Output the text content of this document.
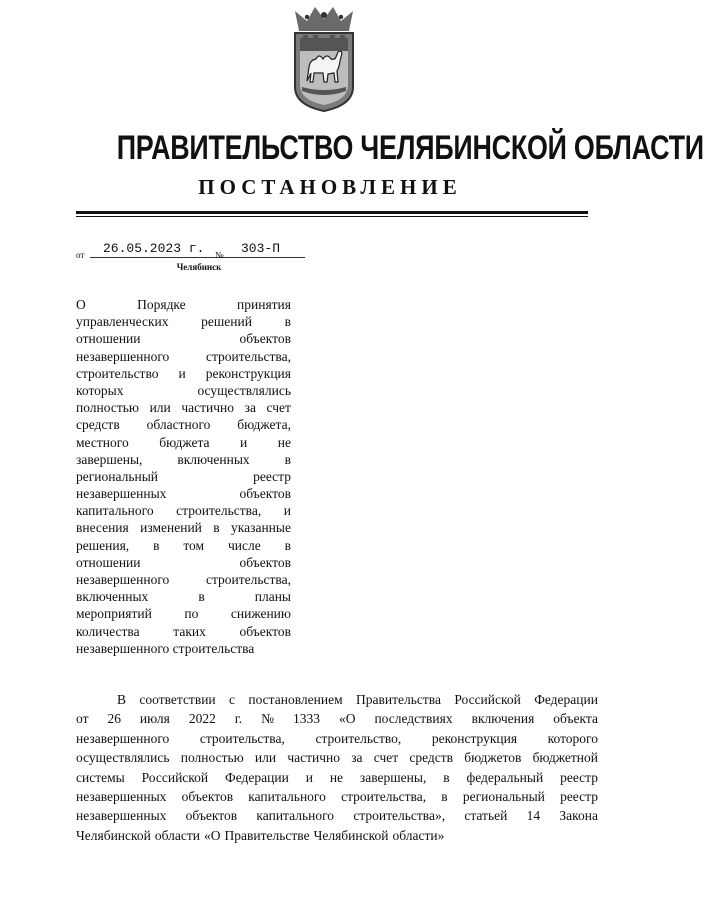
ПРАВИТЕЛЬСТВО ЧЕЛЯБИНСКОЙ ОБЛАСТИ
ПОСТАНОВЛЕНИЕ
от 26.05.2023 г. № 303-П
Челябинск
О	Порядке	принятия
управленческих решений в
отношении	объектов
незавершенного	строительства,
строительство и реконструкция
которых	осуществлялись
полностью или частично за счет
средств областного бюджета,
местного бюджета и не
завершены,	включенных	в
региональный	реестр
незавершенных	объектов
капитального строительства, и
внесения изменений в указанные
решения, в том числе в
отношении	объектов
незавершенного	строительства,
включенных	в	планы
мероприятий по снижению
количества таких объектов
незавершенного строительства
В соответствии с постановлением Правительства Российской Федерации
от 26 июля 2022 г. № 1333 «О последствиях включения объекта
незавершенного строительства, строительство, реконструкция которого
осуществлялись полностью или частично за счет средств бюджетов бюджетной
системы Российской Федерации и не завершены, в федеральный реестр
незавершенных объектов капитального строительства, в региональный реестр
незавершенных объектов капитального строительства», статьей 14 Закона
Челябинской области «О Правительстве Челябинской области»
